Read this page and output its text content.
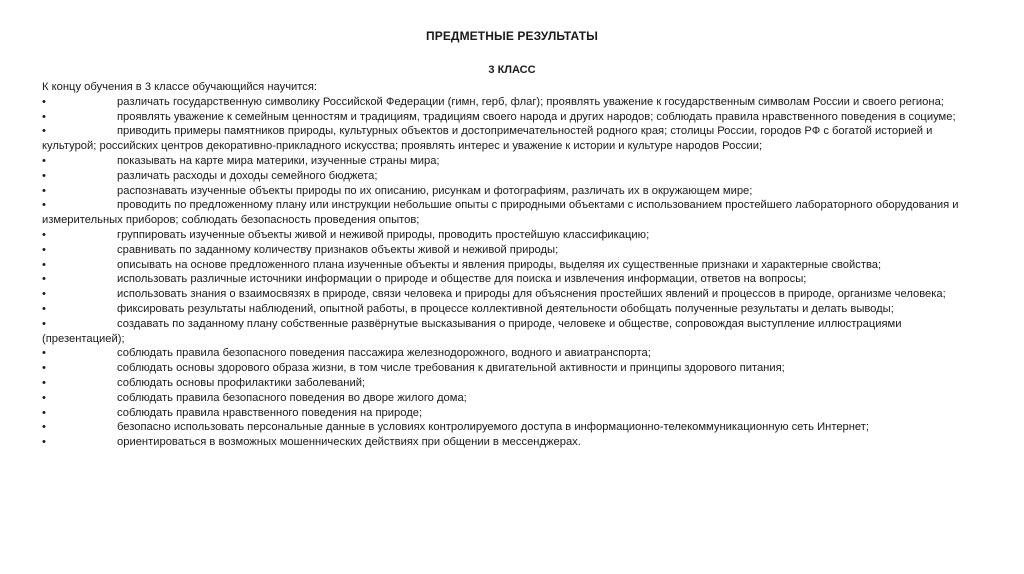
ПРЕДМЕТНЫЕ РЕЗУЛЬТАТЫ
3 КЛАСС

К концу обучения в 3 классе обучающийся научится:

•	различать государственную символику Российской Федерации (гимн, герб, флаг); проявлять уважение к государственным символам России и своего региона;
•	проявлять уважение к семейным ценностям и традициям, традициям своего народа и других народов; соблюдать правила нравственного поведения в социуме;
•	приводить примеры памятников природы, культурных объектов и достопримечательностей родного края; столицы России, городов РФ с богатой историей и культурой; российских центров декоративно-прикладного искусства; проявлять интерес и уважение к истории и культуре народов России;
•	показывать на карте мира материки, изученные страны мира;
•	различать расходы и доходы семейного бюджета;
•	распознавать изученные объекты природы по их описанию, рисункам и фотографиям, различать их в окружающем мире;
•	проводить по предложенному плану или инструкции небольшие опыты с природными объектами с использованием простейшего лабораторного оборудования и измерительных приборов; соблюдать безопасность проведения опытов;
•	группировать изученные объекты живой и неживой природы, проводить простейшую классификацию;
•	сравнивать по заданному количеству признаков объекты живой и неживой природы;
•	описывать на основе предложенного плана изученные объекты и явления природы, выделяя их существенные признаки и характерные свойства;
•	использовать различные источники информации о природе и обществе для поиска и извлечения информации, ответов на вопросы;
•	использовать знания о взаимосвязях в природе, связи человека и природы для объяснения простейших явлений и процессов в природе, организме человека;
•	фиксировать результаты наблюдений, опытной работы, в процессе коллективной деятельности обобщать полученные результаты и делать выводы;
•	создавать по заданному плану собственные развёрнутые высказывания о природе, человеке и обществе, сопровождая выступление иллюстрациями (презентацией);
•	соблюдать правила безопасного поведения пассажира железнодорожного, водного и авиатранспорта;
•	соблюдать основы здорового образа жизни, в том числе требования к двигательной активности и принципы здорового питания;
•	соблюдать основы профилактики заболеваний;
•	соблюдать правила безопасного поведения во дворе жилого дома;
•	соблюдать правила нравственного поведения на природе;
•	безопасно использовать персональные данные в условиях контролируемого доступа в информационно-телекоммуникационную сеть Интернет;
•	ориентироваться в возможных мошеннических действиях при общении в мессенджерах.
